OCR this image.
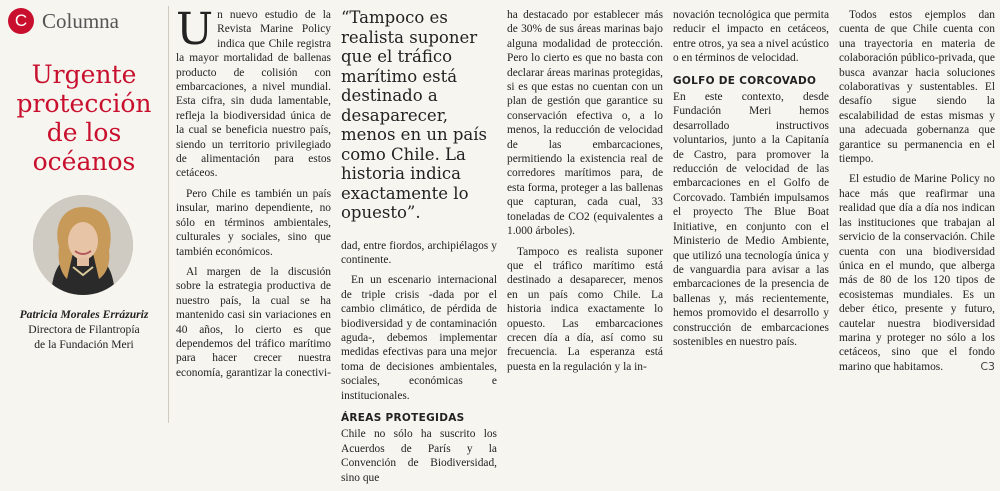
C Columna
Urgente
protección
de los
océanos
Patricia Morales Errázuriz
Directora de Filantropía
de la Fundación Meri

Un nuevo estudio de la Revista Marine Policy indica que Chile registra la mayor mortalidad de ballenas producto de colisión con embarcaciones, a nivel mundial. Esta cifra, sin duda lamentable, refleja la biodiversidad única de la cual se beneficia nuestro país, siendo un territorio privilegiado de alimentación para estos cetáceos.

Pero Chile es también un país insular, marino dependiente, no sólo en términos ambientales, culturales y sociales, sino que también económicos.

Al margen de la discusión sobre la estrategia productiva de nuestro país, la cual se ha mantenido casi sin variaciones en 40 años, lo cierto es que dependemos del tráfico marítimo para hacer crecer nuestra economía, garantizar la conectivi-

“Tampoco es realista suponer que el tráfico marítimo está destinado a desaparecer, menos en un país como Chile. La historia indica exactamente lo opuesto”.

dad, entre fiordos, archipiélagos y continente.

En un escenario internacional de triple crisis -dada por el cambio climático, de pérdida de biodiversidad y de contaminación aguda-, debemos implementar medidas efectivas para una mejor toma de decisiones ambientales, sociales, económicas e institucionales.

ÁREAS PROTEGIDAS

Chile no sólo ha suscrito los Acuerdos de París y la Convención de Biodiversidad, sino que

ha destacado por establecer más de 30% de sus áreas marinas bajo alguna modalidad de protección. Pero lo cierto es que no basta con declarar áreas marinas protegidas, si es que estas no cuentan con un plan de gestión que garantice su conservación efectiva o, a lo menos, la reducción de velocidad de las embarcaciones, permitiendo la existencia real de corredores marítimos para, de esta forma, proteger a las ballenas que capturan, cada cual, 33 toneladas de CO2 (equivalentes a 1.000 árboles).

Tampoco es realista suponer que el tráfico marítimo está destinado a desaparecer, menos en un país como Chile. La historia indica exactamente lo opuesto. Las embarcaciones crecen día a día, así como su frecuencia. La esperanza está puesta en la regulación y la in-

novación tecnológica que permita reducir el impacto en cetáceos, entre otros, ya sea a nivel acústico o en términos de velocidad.

GOLFO DE CORCOVADO

En este contexto, desde Fundación Meri hemos desarrollado instructivos voluntarios, junto a la Capitanía de Castro, para promover la reducción de velocidad de las embarcaciones en el Golfo de Corcovado. También impulsamos el proyecto The Blue Boat Initiative, en conjunto con el Ministerio de Medio Ambiente, que utilizó una tecnología única y de vanguardia para avisar a las embarcaciones de la presencia de ballenas y, más recientemente, hemos promovido el desarrollo y construcción de embarcaciones sostenibles en nuestro país.

Todos estos ejemplos dan cuenta de que Chile cuenta con una trayectoria en materia de colaboración público-privada, que busca avanzar hacia soluciones colaborativas y sustentables. El desafío sigue siendo la escalabilidad de estas mismas y una adecuada gobernanza que garantice su permanencia en el tiempo.

El estudio de Marine Policy no hace más que reafirmar una realidad que día a día nos indican las instituciones que trabajan al servicio de la conservación. Chile cuenta con una biodiversidad única en el mundo, que alberga más de 80 de los 120 tipos de ecosistemas mundiales. Es un deber ético, presente y futuro, cautelar nuestra biodiversidad marina y proteger no sólo a los cetáceos, sino que el fondo marino que habitamos.	C3
